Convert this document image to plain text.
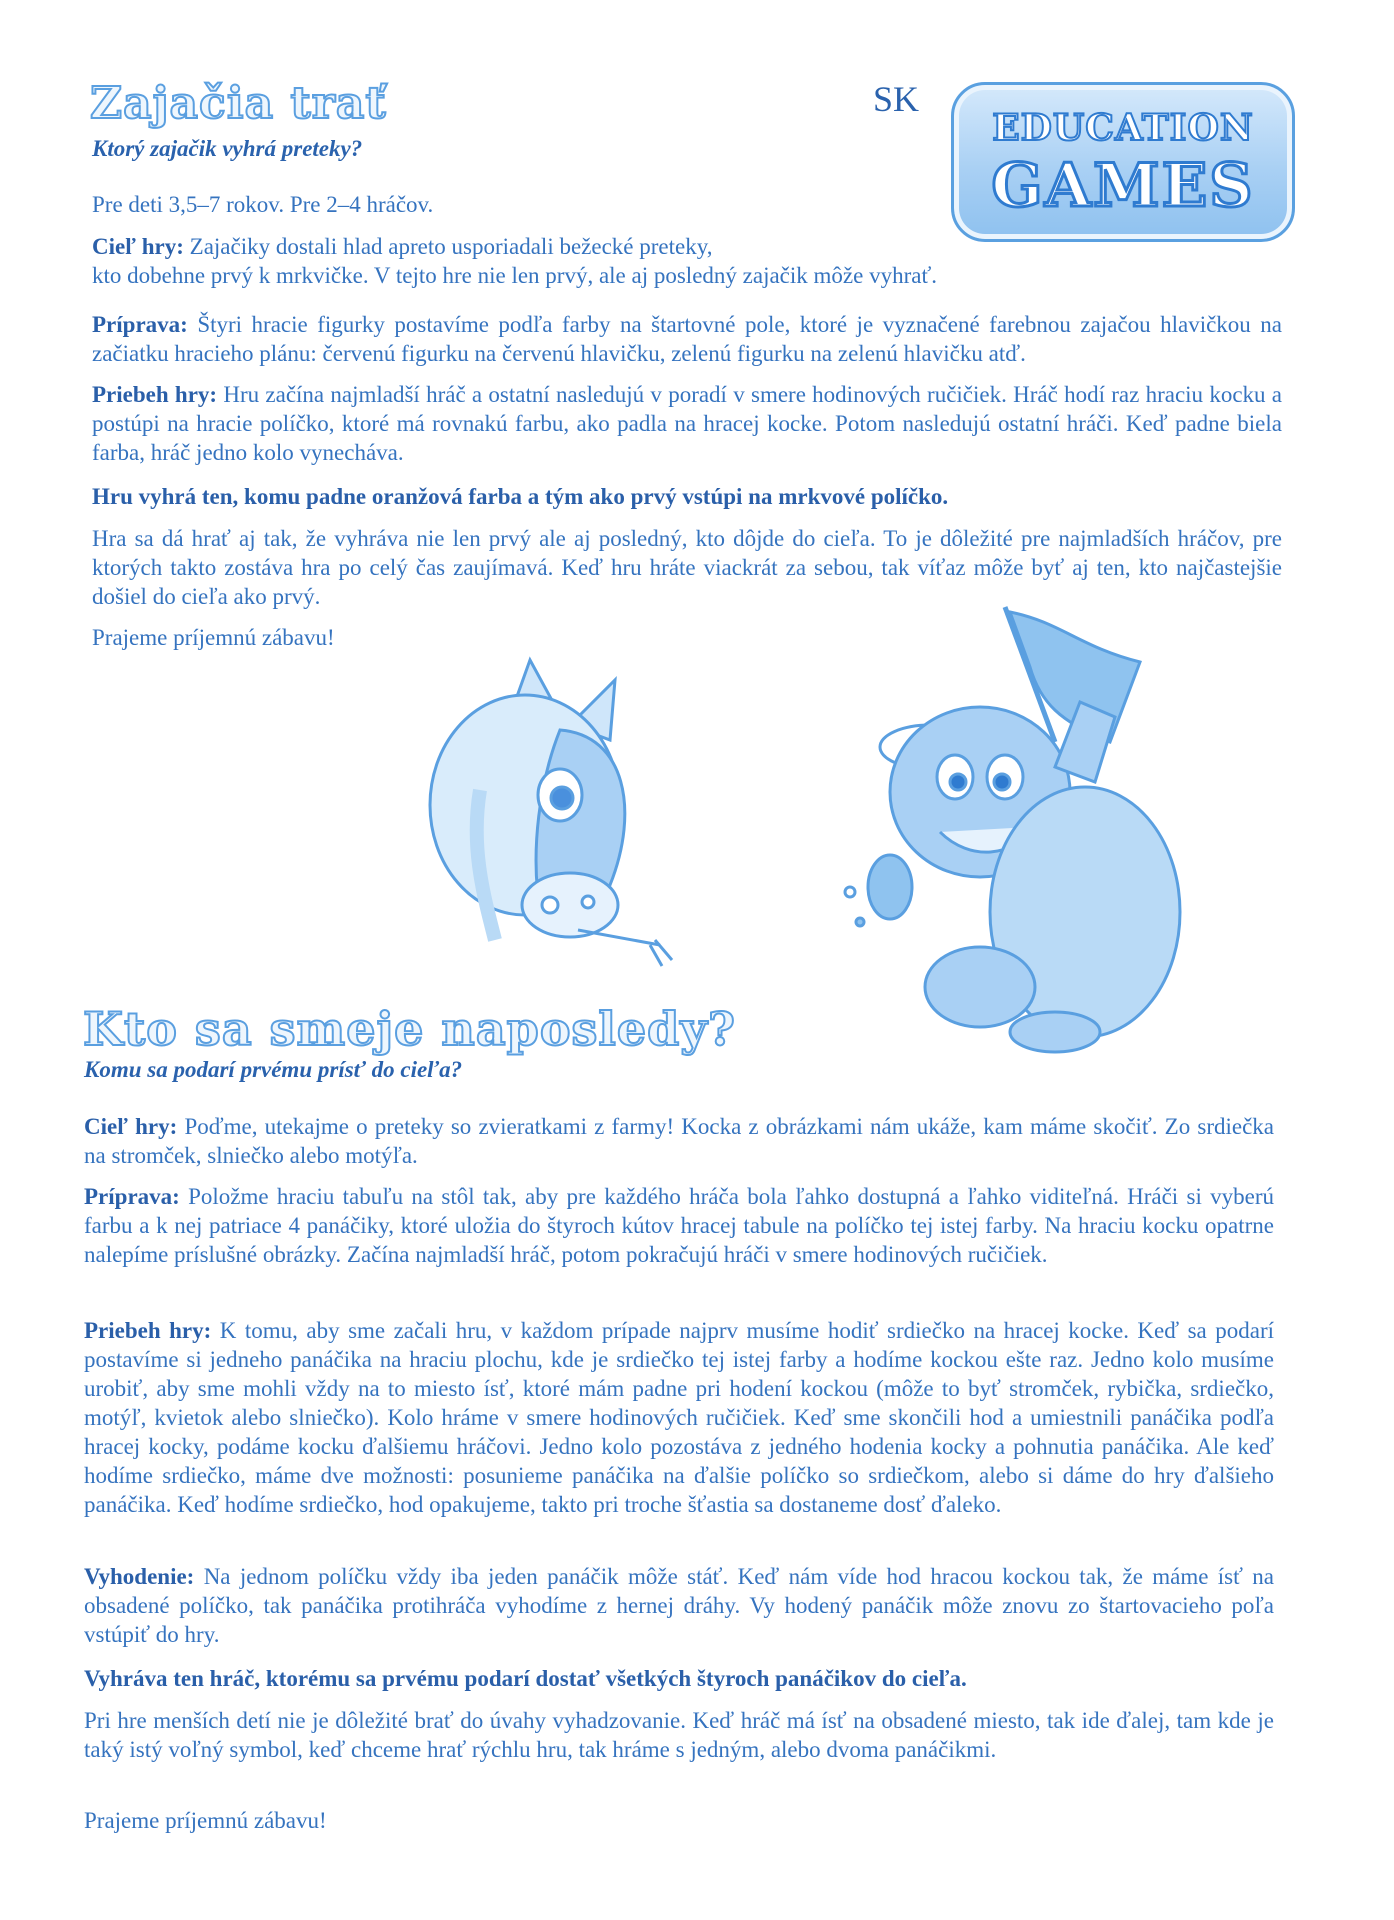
SK
EDUCATION
GAMES
Zajačia trať
Ktorý zajačik vyhrá preteky?

Pre deti 3,5–7 rokov. Pre 2–4 hráčov.

Cieľ hry: Zajačiky dostali hlad apreto usporiadali bežecké preteky,
kto dobehne prvý k mrkvičke. V tejto hre nie len prvý, ale aj posledný zajačik môže vyhrať.

Príprava: Štyri hracie figurky postavíme podľa farby na štartovné pole, ktoré je vyznačené farebnou zajačou hlavičkou na začiatku hracieho plánu: červenú figurku na červenú hlavičku, zelenú figurku na zelenú hlavičku atď.

Priebeh hry: Hru začína najmladší hráč a ostatní nasledujú v poradí v smere hodinových ručičiek. Hráč hodí raz hraciu kocku a postúpi na hracie políčko, ktoré má rovnakú farbu, ako padla na hracej kocke. Potom nasledujú ostatní hráči. Keď padne biela farba, hráč jedno kolo vynecháva.

Hru vyhrá ten, komu padne oranžová farba a tým ako prvý vstúpi na mrkvové políčko.

Hra sa dá hrať aj tak, že vyhráva nie len prvý ale aj posledný, kto dôjde do cieľa. To je dôležité pre najmladších hráčov, pre ktorých takto zostáva hra po celý čas zaujímavá. Keď hru hráte viackrát za sebou, tak víťaz môže byť aj ten, kto najčastejšie došiel do cieľa ako prvý.

Prajeme príjemnú zábavu!

Kto sa smeje naposledy?
Komu sa podarí prvému prísť do cieľa?

Cieľ hry: Poďme, utekajme o preteky so zvieratkami z farmy! Kocka z obrázkami nám ukáže, kam máme skočiť. Zo srdiečka na stromček, slniečko alebo motýľa.

Príprava: Položme hraciu tabuľu na stôl tak, aby pre každého hráča bola ľahko dostupná a ľahko viditeľná. Hráči si vyberú farbu a k nej patriace 4 panáčiky, ktoré uložia do štyroch kútov hracej tabule na políčko tej istej farby. Na hraciu kocku opatrne nalepíme príslušné obrázky. Začína najmladší hráč, potom pokračujú hráči v smere hodinových ručičiek.

Priebeh hry: K tomu, aby sme začali hru, v každom prípade najprv musíme hodiť srdiečko na hracej kocke. Keď sa podarí postavíme si jedneho panáčika na hraciu plochu, kde je srdiečko tej istej farby a hodíme kockou ešte raz. Jedno kolo musíme urobiť, aby sme mohli vždy na to miesto ísť, ktoré mám padne pri hodení kockou (môže to byť stromček, rybička, srdiečko, motýľ, kvietok alebo slniečko). Kolo hráme v smere hodinových ručičiek. Keď sme skončili hod a umiestnili panáčika podľa hracej kocky, podáme kocku ďalšiemu hráčovi. Jedno kolo pozostáva z jedného hodenia kocky a pohnutia panáčika. Ale keď hodíme srdiečko, máme dve možnosti: posunieme panáčika na ďalšie políčko so srdiečkom, alebo si dáme do hry ďalšieho panáčika. Keď hodíme srdiečko, hod opakujeme, takto pri troche šťastia sa dostaneme dosť ďaleko.

Vyhodenie: Na jednom políčku vždy iba jeden panáčik môže stáť. Keď nám víde hod hracou kockou tak, že máme ísť na obsadené políčko, tak panáčika protihráča vyhodíme z hernej dráhy. Vy hodený panáčik môže znovu zo štartovacieho poľa vstúpiť do hry.

Vyhráva ten hráč, ktorému sa prvému podarí dostať všetkých štyroch panáčikov do cieľa.

Pri hre menších detí nie je dôležité brať do úvahy vyhadzovanie. Keď hráč má ísť na obsadené miesto, tak ide ďalej, tam kde je taký istý voľný symbol, keď chceme hrať rýchlu hru, tak hráme s jedným, alebo dvoma panáčikmi.

Prajeme príjemnú zábavu!
